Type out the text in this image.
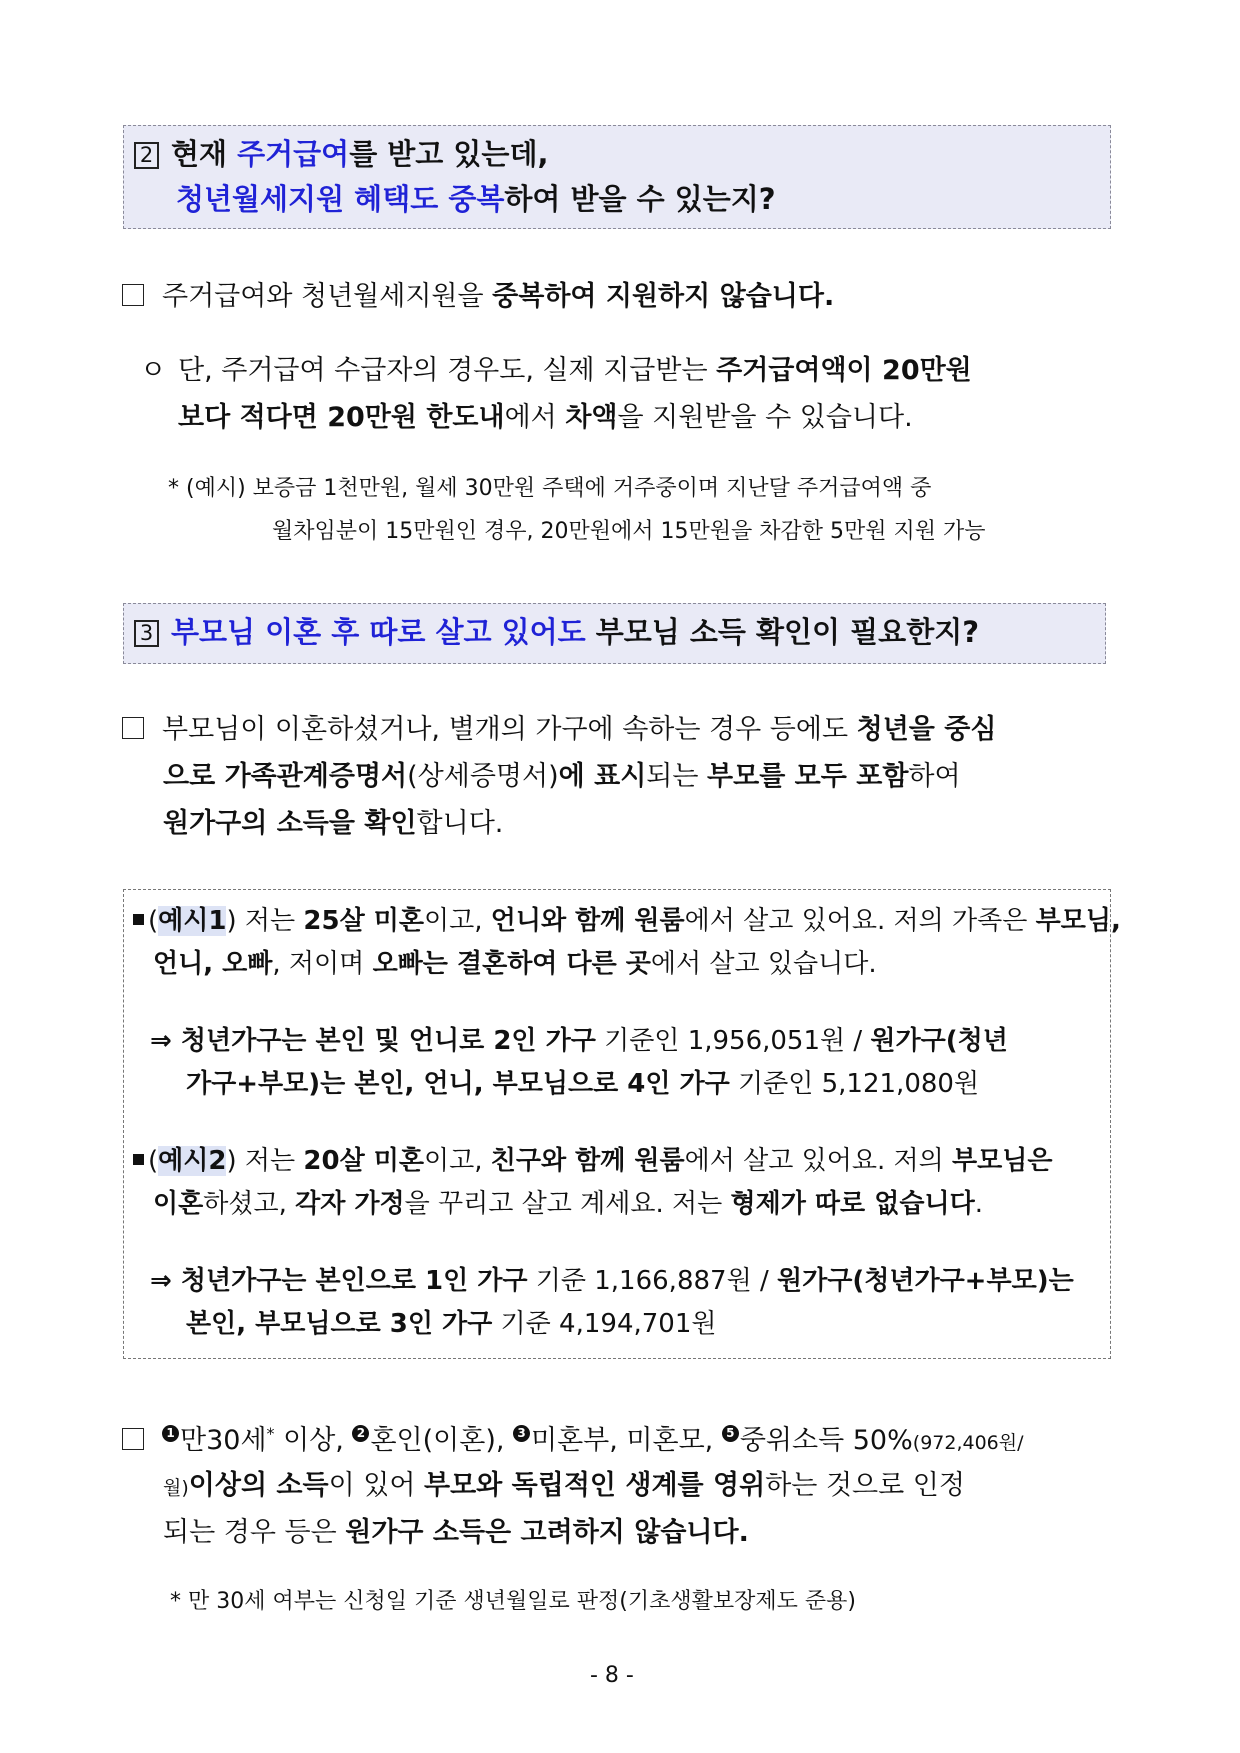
2 현재 주거급여를 받고 있는데,
청년월세지원 혜택도 중복하여 받을 수 있는지?
주거급여와 청년월세지원을 중복하여 지원하지 않습니다.
ㅇ 단, 주거급여 수급자의 경우도, 실제 지급받는 주거급여액이 20만원
보다 적다면 20만원 한도내에서 차액을 지원받을 수 있습니다.
* (예시) 보증금 1천만원, 월세 30만원 주택에 거주중이며 지난달 주거급여액 중
월차임분이 15만원인 경우, 20만원에서 15만원을 차감한 5만원 지원 가능
3 부모님 이혼 후 따로 살고 있어도 부모님 소득 확인이 필요한지?
부모님이 이혼하셨거나, 별개의 가구에 속하는 경우 등에도 청년을 중심
으로 가족관계증명서(상세증명서)에 표시되는 부모를 모두 포함하여
원가구의 소득을 확인합니다.
(예시1) 저는 25살 미혼이고, 언니와 함께 원룸에서 살고 있어요. 저의 가족은 부모님,
언니, 오빠, 저이며 오빠는 결혼하여 다른 곳에서 살고 있습니다.
⇒ 청년가구는 본인 및 언니로 2인 가구 기준인 1,956,051원 / 원가구(청년
가구+부모)는 본인, 언니, 부모님으로 4인 가구 기준인 5,121,080원
(예시2) 저는 20살 미혼이고, 친구와 함께 원룸에서 살고 있어요. 저의 부모님은
이혼하셨고, 각자 가정을 꾸리고 살고 계세요. 저는 형제가 따로 없습니다.
⇒ 청년가구는 본인으로 1인 가구 기준 1,166,887원 / 원가구(청년가구+부모)는
본인, 부모님으로 3인 가구 기준 4,194,701원
1 만30세* 이상, 2 혼인(이혼), 3 미혼부, 미혼모, 5 중위소득 50%(972,406원/
월)이상의 소득이 있어 부모와 독립적인 생계를 영위하는 것으로 인정
되는 경우 등은 원가구 소득은 고려하지 않습니다.
* 만 30세 여부는 신청일 기준 생년월일로 판정(기초생활보장제도 준용)
- 8 -
